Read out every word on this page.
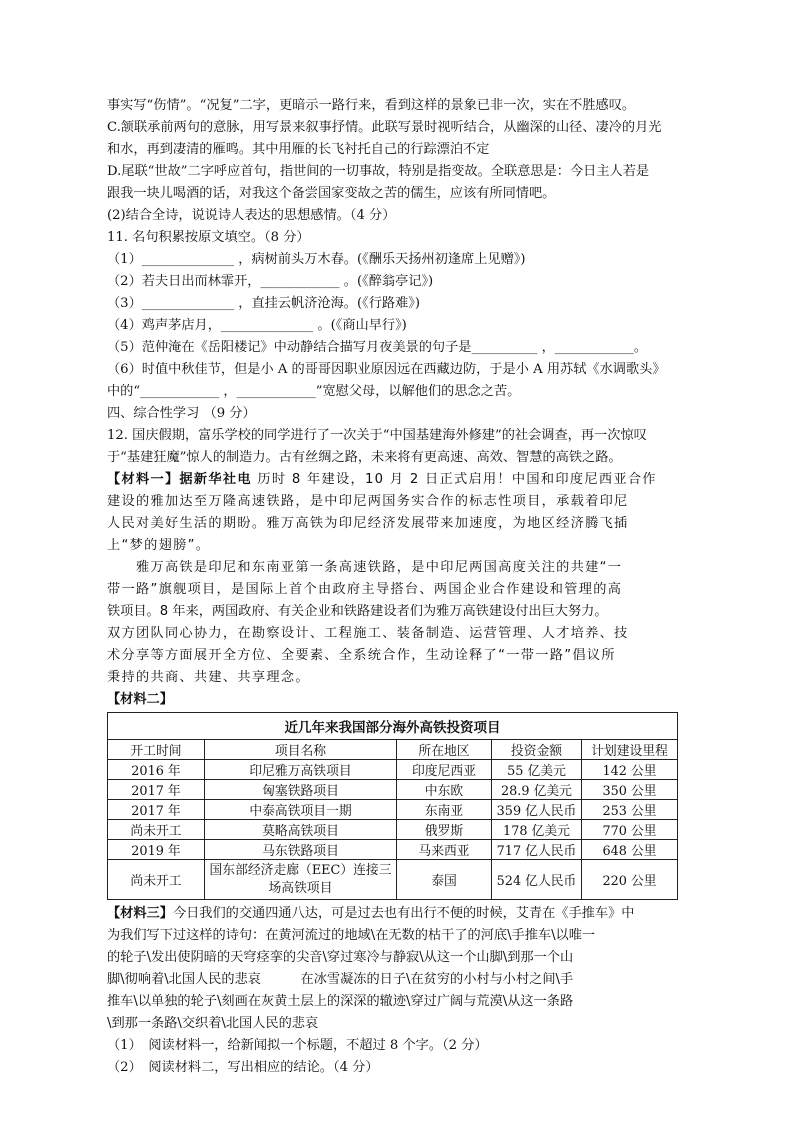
事实写“伤情”。“况复”二字，更暗示一路行来，看到这样的景象已非一次，实在不胜感叹。
C.颔联承前两句的意脉，用写景来叙事抒情。此联写景时视听结合，从幽深的山径、凄冷的月光
和水，再到凄清的雁鸣。其中用雁的长飞衬托自己的行踪漂泊不定
D.尾联“世故”二字呼应首句，指世间的一切事故，特别是指变故。全联意思是：今日主人若是
跟我一块儿喝酒的话，对我这个备尝国家变故之苦的儒生，应该有所同情吧。
(2)结合全诗，说说诗人表达的思想感情。（4 分）
11. 名句积累按原文填空。（8 分）
（1）______________ ，病树前头万木春。(《酬乐天扬州初逢席上见赠》)
（2）若夫日出而林霏开，____________ 。(《醉翁亭记》)
（3）______________ ，直挂云帆济沧海。(《行路难》)
（4）鸡声茅店月，______________ 。(《商山早行》)
（5）范仲淹在《岳阳楼记》中动静结合描写月夜美景的句子是__________ ，____________。
（6）时值中秋佳节，但是小 A 的哥哥因职业原因远在西藏边防，于是小 A 用苏轼《水调歌头》
中的“____________ ，____________”宽慰父母，以解他们的思念之苦。
四、综合性学习 （9 分）
12. 国庆假期，富乐学校的同学进行了一次关于“中国基建海外修建”的社会调查，再一次惊叹
于“基建狂魔”惊人的制造力。古有丝绸之路，未来将有更高速、高效、智慧的高铁之路。
【材料一】据新华社电 历时 8 年建设，10 月 2 日正式启用！中国和印度尼西亚合作
建设的雅加达至万隆高速铁路，是中印尼两国务实合作的标志性项目，承载着印尼
人民对美好生活的期盼。雅万高铁为印尼经济发展带来加速度，为地区经济腾飞插
上“梦的翅膀”。
　　雅万高铁是印尼和东南亚第一条高速铁路，是中印尼两国高度关注的共建“一
带一路”旗舰项目，是国际上首个由政府主导搭台、两国企业合作建设和管理的高
铁项目。8 年来，两国政府、有关企业和铁路建设者们为雅万高铁建设付出巨大努力。
双方团队同心协力，在勘察设计、工程施工、装备制造、运营管理、人才培养、技
【材料二】
近几年来我国部分海外高铁投资项目				
开工时间	项目名称	所在地区	投资金额	计划建设里程
2016 年	印尼雅万高铁项目	印度尼西亚	55 亿美元	142 公里
2017 年	匈塞铁路项目	中东欧	28.9 亿美元	350 公里
2017 年	中泰高铁项目一期	东南亚	359 亿人民币	253 公里
尚未开工	莫略高铁项目	俄罗斯	178 亿美元	770 公里
2019 年	马东铁路项目	马来西亚	717 亿人民币	648 公里
尚未开工	国东部经济走廊（EEC）连接三场高铁项目	泰国	524 亿人民币	220 公里
【材料三】今日我们的交通四通八达，可是过去也有出行不便的时候，艾青在《手推车》中
为我们写下过这样的诗句：在黄河流过的地域\在无数的枯干了的河底\手推车\以唯一
的轮子\发出使阴暗的天穹痉挛的尖音\穿过寒冷与静寂\从这一个山脚\到那一个山
脚\彻响着\北国人民的悲哀　　　在冰雪凝冻的日子\在贫穷的小村与小村之间\手
推车\以单独的轮子\刻画在灰黄土层上的深深的辙迹\穿过广阔与荒漠\从这一条路
\到那一条路\交织着\北国人民的悲哀
（1）　阅读材料一，给新闻拟一个标题，不超过 8 个字。（2 分）
（2）　阅读材料二，写出相应的结论。（4 分）
术分享等方面展开全方位、全要素、全系统合作，生动诠释了“一带一路”倡议所
秉持的共商、共建、共享理念。
